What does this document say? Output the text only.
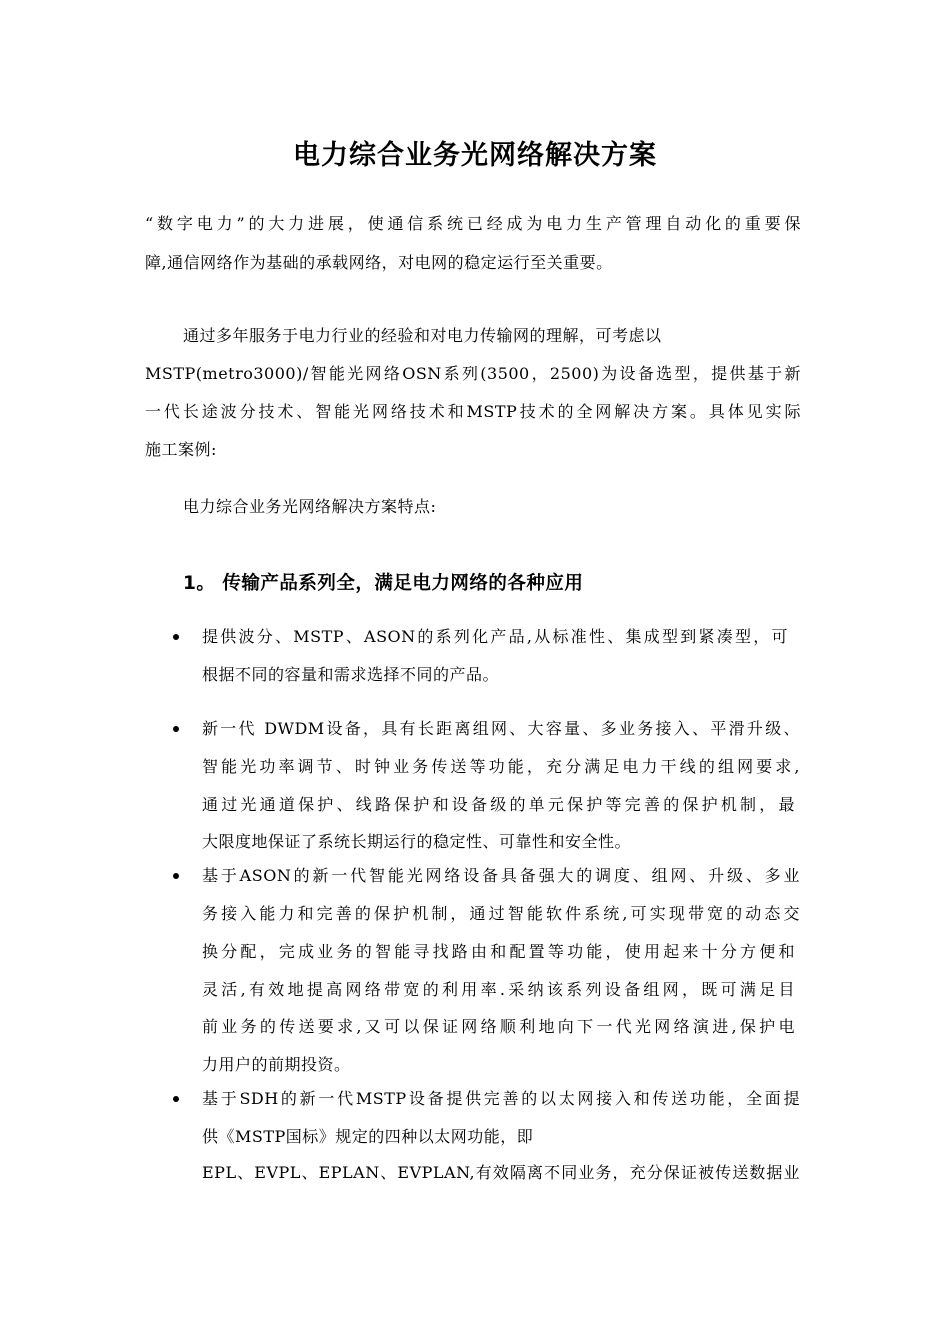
电力综合业务光网络解决方案
“数字电力”的大力进展，使通信系统已经成为电力生产管理自动化的重要保
障,通信网络作为基础的承载网络，对电网的稳定运行至关重要。
通过多年服务于电力行业的经验和对电力传输网的理解，可考虑以
MSTP(metro3000)/智能光网络OSN系列(3500，2500)为设备选型，提供基于新
一代长途波分技术、智能光网络技术和MSTP技术的全网解决方案。具体见实际
施工案例:
电力综合业务光网络解决方案特点:
1。 传输产品系列全，满足电力网络的各种应用
提供波分、MSTP、ASON的系列化产品,从标准性、集成型到紧凑型，可
根据不同的容量和需求选择不同的产品。
新一代 DWDM设备，具有长距离组网、大容量、多业务接入、平滑升级、
智能光功率调节、时钟业务传送等功能，充分满足电力干线的组网要求,
通过光通道保护、线路保护和设备级的单元保护等完善的保护机制，最
大限度地保证了系统长期运行的稳定性、可靠性和安全性。
基于ASON的新一代智能光网络设备具备强大的调度、组网、升级、多业
务接入能力和完善的保护机制，通过智能软件系统,可实现带宽的动态交
换分配，完成业务的智能寻找路由和配置等功能，使用起来十分方便和
灵活,有效地提高网络带宽的利用率.采纳该系列设备组网，既可满足目
前业务的传送要求,又可以保证网络顺利地向下一代光网络演进,保护电
力用户的前期投资。
基于SDH的新一代MSTP设备提供完善的以太网接入和传送功能，全面提
供《MSTP国标》规定的四种以太网功能，即
EPL、EVPL、EPLAN、EVPLAN,有效隔离不同业务，充分保证被传送数据业
